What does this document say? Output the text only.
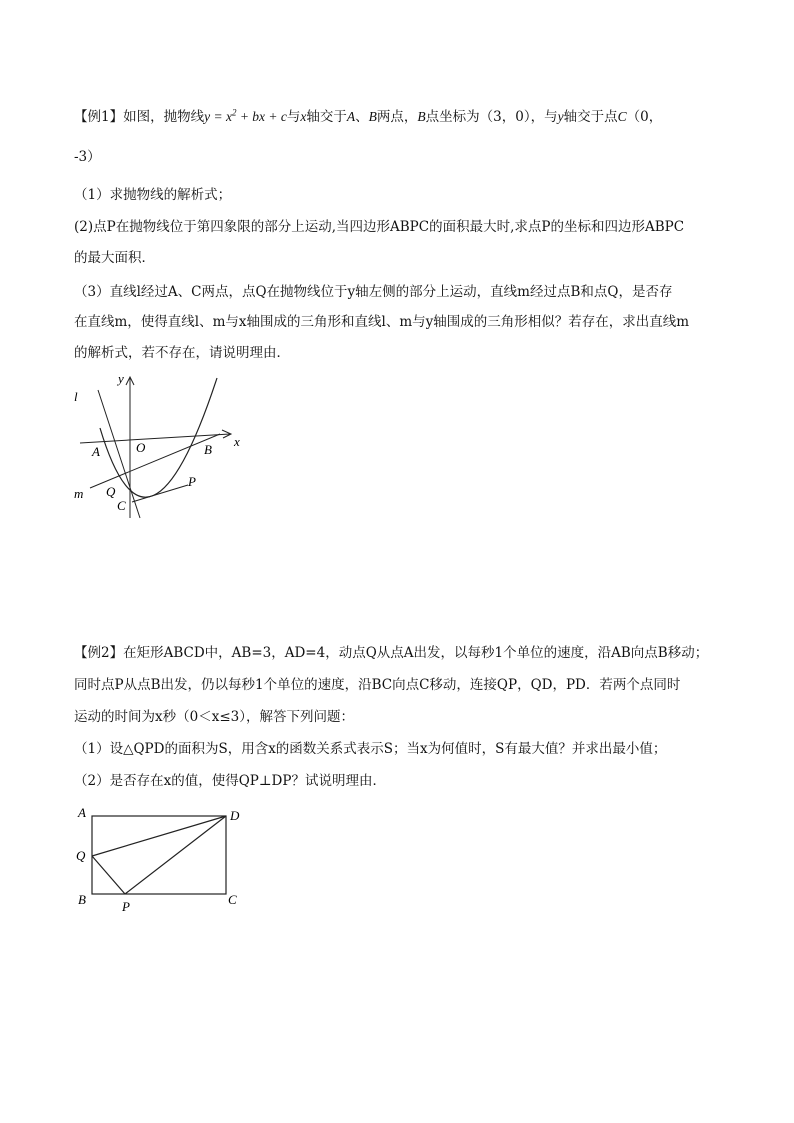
【例1】如图，抛物线$y = x^2$ + bx + c与x轴交于A、B两点，B点坐标为（3，0），与y轴交于点C（0，
-3）
（1）求抛物线的解析式；
(2)点P在抛物线位于第四象限的部分上运动,当四边形ABPC的面积最大时,求点P的坐标和四边形ABPC
的最大面积．
（3）直线l经过A、C两点，点Q在抛物线位于y轴左侧的部分上运动，直线m经过点B和点Q，是否存
在直线m，使得直线l、m与x轴围成的三角形和直线l、m与y轴围成的三角形相似？若存在，求出直线m
的解析式，若不存在，请说明理由．
l
y
x
O
A	B
m Q
C
P
【例2】在矩形ABCD中，AB=3，AD=4，动点Q从点A出发，以每秒1个单位的速度，沿AB向点B移动；
同时点P从点B出发，仍以每秒1个单位的速度，沿BC向点C移动，连接QP，QD，PD．若两个点同时
运动的时间为x秒（0＜x≤3），解答下列问题：
（1）设△QPD的面积为S，用含x的函数关系式表示S；当x为何值时，S有最大值？并求出最小值；
（2）是否存在x的值，使得QP⊥DP？试说明理由．
A	D
Q
B	P	C
